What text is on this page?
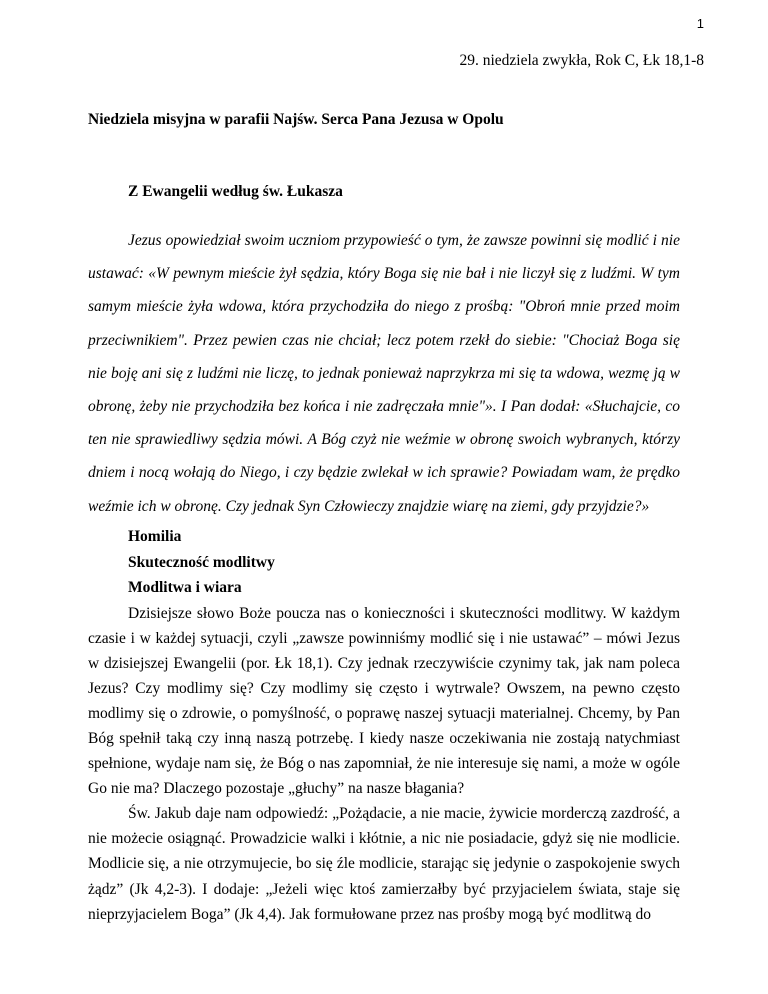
1
29. niedziela zwykła, Rok C, Łk 18,1-8
Niedziela misyjna w parafii Najśw. Serca Pana Jezusa w Opolu
Z Ewangelii według św. Łukasza

Jezus opowiedział swoim uczniom przypowieść o tym, że zawsze powinni się modlić i nie ustawać: «W pewnym mieście żył sędzia, który Boga się nie bał i nie liczył się z ludźmi. W tym samym mieście żyła wdowa, która przychodziła do niego z prośbą: "Obroń mnie przed moim przeciwnikiem". Przez pewien czas nie chciał; lecz potem rzekł do siebie: "Chociaż Boga się nie boję ani się z ludźmi nie liczę, to jednak ponieważ naprzykrza mi się ta wdowa, wezmę ją w obronę, żeby nie przychodziła bez końca i nie zadręczała mnie"». I Pan dodał: «Słuchajcie, co ten nie sprawiedliwy sędzia mówi. A Bóg czyż nie weźmie w obronę swoich wybranych, którzy dniem i nocą wołają do Niego, i czy będzie zwlekał w ich sprawie? Powiadam wam, że prędko weźmie ich w obronę. Czy jednak Syn Człowieczy znajdzie wiarę na ziemi, gdy przyjdzie?»

Homilia

Skuteczność modlitwy

Modlitwa i wiara

Dzisiejsze słowo Boże poucza nas o konieczności i skuteczności modlitwy. W każdym czasie i w każdej sytuacji, czyli „zawsze powinniśmy modlić się i nie ustawać” – mówi Jezus w dzisiejszej Ewangelii (por. Łk 18,1). Czy jednak rzeczywiście czynimy tak, jak nam poleca Jezus? Czy modlimy się? Czy modlimy się często i wytrwale? Owszem, na pewno często modlimy się o zdrowie, o pomyślność, o poprawę naszej sytuacji materialnej. Chcemy, by Pan Bóg spełnił taką czy inną naszą potrzebę. I kiedy nasze oczekiwania nie zostają natychmiast spełnione, wydaje nam się, że Bóg o nas zapomniał, że nie interesuje się nami, a może w ogóle Go nie ma? Dlaczego pozostaje „głuchy” na nasze błagania?

Św. Jakub daje nam odpowiedź: „Pożądacie, a nie macie, żywicie morderczą zazdrość, a nie możecie osiągnąć. Prowadzicie walki i kłótnie, a nic nie posiadacie, gdyż się nie modlicie. Modlicie się, a nie otrzymujecie, bo się źle modlicie, starając się jedynie o zaspokojenie swych żądz” (Jk 4,2-3). I dodaje: „Jeżeli więc ktoś zamierzałby być przyjacielem świata, staje się nieprzyjacielem Boga” (Jk 4,4). Jak formułowane przez nas prośby mogą być modlitwą do
